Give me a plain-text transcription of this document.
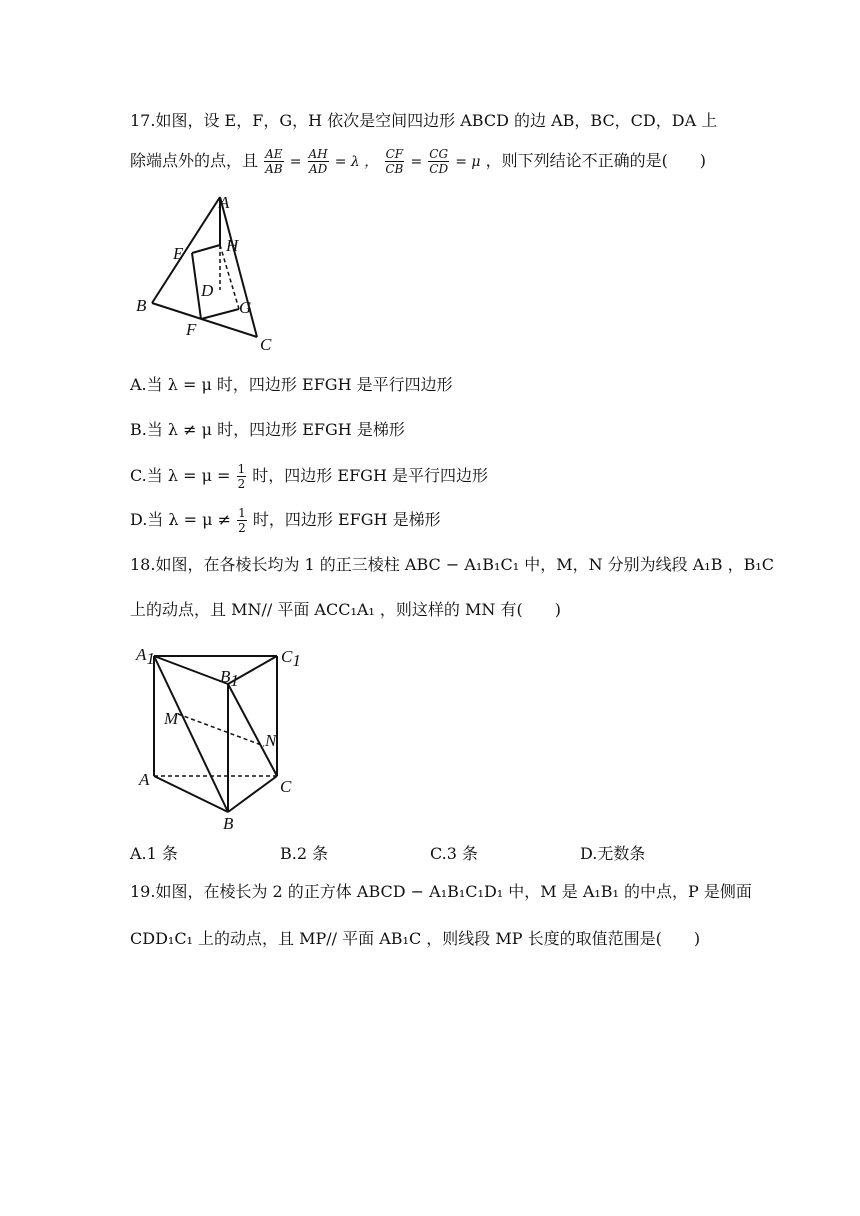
17.如图，设 E，F，G，H 依次是空间四边形 ABCD 的边 AB，BC，CD，DA 上
除端点外的点，且 $\frac{AE}{AB} = \frac{AH}{AD} = \lambda$ ， $\frac{CF}{CB} = \frac{CG}{CD} = \mu$ ，则下列结论不正确的是(　　)
A
E	H
D
B	G
F
C
A.当 λ = μ 时，四边形 EFGH 是平行四边形
B.当 λ ≠ μ 时，四边形 EFGH 是梯形
C.当 $\lambda = \mu = \frac{1}{2}$ 时，四边形 EFGH 是平行四边形
D.当 $\lambda = \mu \ne \frac{1}{2}$ 时，四边形 EFGH 是梯形
18.如图，在各棱长均为 1 的正三棱柱 ABC − A₁B₁C₁ 中，M，N 分别为线段 A₁B ，B₁C
上的动点，且 MN// 平面 ACC₁A₁ ，则这样的 MN 有(　　)
A1	C1
B1
M
N
A	C
B
A.1 条	B.2 条	C.3 条	D.无数条
19.如图，在棱长为 2 的正方体 ABCD − A₁B₁C₁D₁ 中，M 是 A₁B₁ 的中点，P 是侧面
CDD₁C₁ 上的动点，且 MP// 平面 AB₁C ，则线段 MP 长度的取值范围是(　　)
